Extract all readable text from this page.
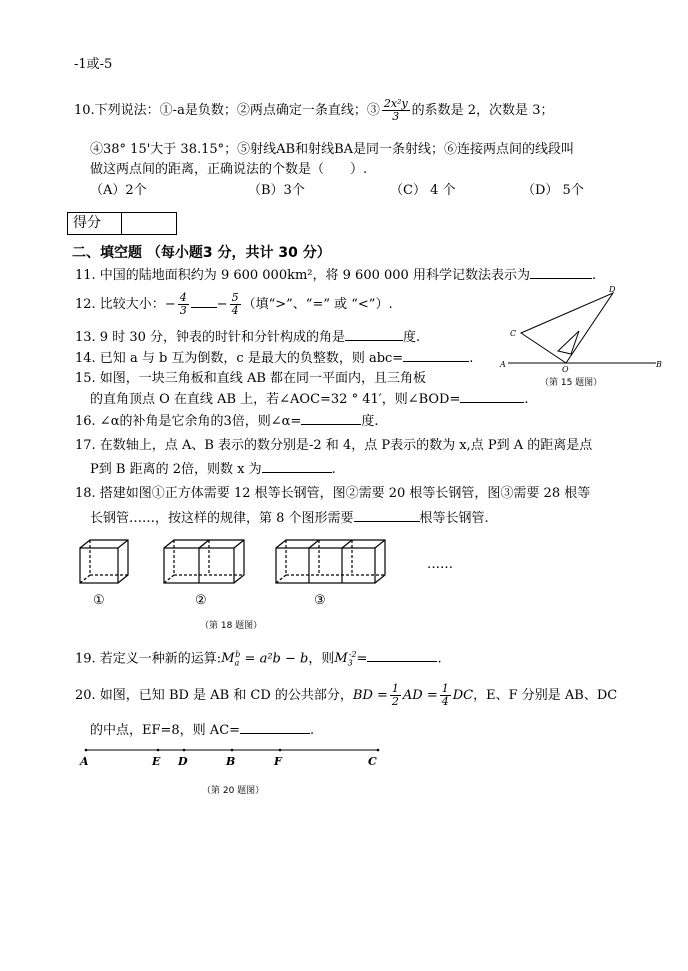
-1或-5
10.下列说法：①-a是负数；②两点确定一条直线；③ $\frac{\text{2x²y}}{3}$ 的系数是 2，次数是 3；
④38° 15'大于 38.15°；⑤射线AB和射线BA是同一条射线；⑥连接两点间的线段叫
做这两点间的距离，正确说法的个数是（　　）.
（A）2个	（B）3个	（C） 4 个	（D） 5个
得分
二、填空题 （每小题3 分，共计 30 分）
11. 中国的陆地面积约为 9 600 000km²，将 9 600 000 用科学记数法表示为	.
12. 比较大小：− $\frac{4}{3} - \frac{5}{4}$ （填“>”、“=” 或 “<”）.
13. 9 时 30 分，钟表的时针和分针构成的角是	度.
14. 已知 a 与 b 互为倒数，c 是最大的负整数，则 abc=	.
15. 如图，一块三角板和直线 AB 都在同一平面内，且三角板
的直角顶点 O 在直线 AB 上，若∠AOC=32 ° 41′，则∠BOD=	.
A	B
C
D
O
（第 15 题图）
16. ∠α的补角是它余角的3倍，则∠α=	度.
17. 在数轴上，点 A、B 表示的数分别是-2 和 4，点 P表示的数为 x,点 P到 A 的距离是点
P到 B 距离的 2倍，则数 x 为	.
18. 搭建如图①正方体需要 12 根等长钢管，图②需要 20 根等长钢管，图③需要 28 根等
长钢管……，按这样的规律，第 8 个图形需要	根等长钢管.
……
①	②	③
（第 18 题图）
19. 若定义一种新的运算$:M_a^b = a^2b - b$，则$M_3^{-2}=$	.
20. 如图，已知 BD 是 AB 和 CD 的公共部分，BD = $\frac{1}{2}$ AD = $\frac{1}{4}$ DC，E、F 分别是 AB、DC
的中点，EF=8，则 AC=	.
A	E D	B	F	C
（第 20 题图）
